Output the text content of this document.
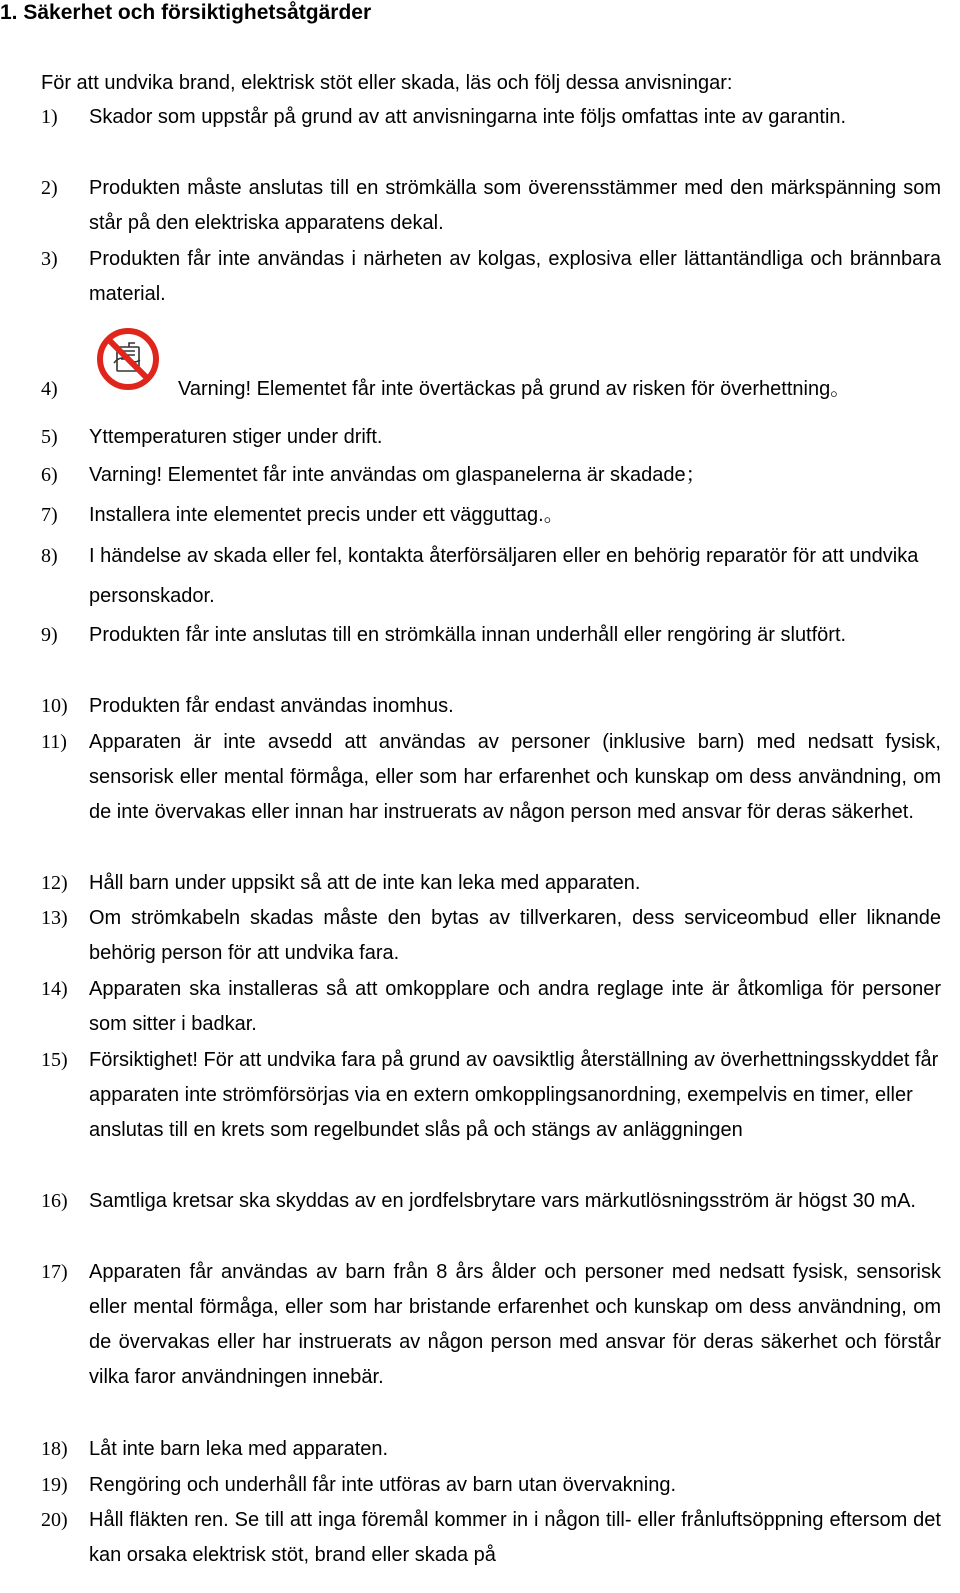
1. Säkerhet och försiktighetsåtgärder
För att undvika brand, elektrisk stöt eller skada, läs och följ dessa anvisningar:
1) Skador som uppstår på grund av att anvisningarna inte följs omfattas inte av garantin.
2) Produkten måste anslutas till en strömkälla som överensstämmer med den märkspänning som står på den elektriska apparatens dekal.
3) Produkten får inte användas i närheten av kolgas, explosiva eller lättantändliga och brännbara material.
4)	Varning! Elementet får inte övertäckas på grund av risken för överhettning。
5) Yttemperaturen stiger under drift.
6) Varning! Elementet får inte användas om glaspanelerna är skadade；
7) Installera inte elementet precis under ett vägguttag.。
8) I händelse av skada eller fel, kontakta återförsäljaren eller en behörig reparatör för att undvika personskador.
9) Produkten får inte anslutas till en strömkälla innan underhåll eller rengöring är slutfört.
10) Produkten får endast användas inomhus.
11) Apparaten är inte avsedd att användas av personer (inklusive barn) med nedsatt fysisk, sensorisk eller mental förmåga, eller som har erfarenhet och kunskap om dess användning, om de inte övervakas eller innan har instruerats av någon person med ansvar för deras säkerhet.
12) Håll barn under uppsikt så att de inte kan leka med apparaten.
13) Om strömkabeln skadas måste den bytas av tillverkaren, dess serviceombud eller liknande behörig person för att undvika fara.
14) Apparaten ska installeras så att omkopplare och andra reglage inte är åtkomliga för personer som sitter i badkar.
15) Försiktighet! För att undvika fara på grund av oavsiktlig återställning av överhettningsskyddet får apparaten inte strömförsörjas via en extern omkopplingsanordning, exempelvis en timer, eller anslutas till en krets som regelbundet slås på och stängs av anläggningen
16) Samtliga kretsar ska skyddas av en jordfelsbrytare vars märkutlösningsström är högst 30 mA.
17) Apparaten får användas av barn från 8 års ålder och personer med nedsatt fysisk, sensorisk eller mental förmåga, eller som har bristande erfarenhet och kunskap om dess användning, om de övervakas eller har instruerats av någon person med ansvar för deras säkerhet och förstår vilka faror användningen innebär.
18) Låt inte barn leka med apparaten.
19) Rengöring och underhåll får inte utföras av barn utan övervakning.
20) Håll fläkten ren. Se till att inga föremål kommer in i någon till- eller frånluftsöppning eftersom det kan orsaka elektrisk stöt, brand eller skada på
